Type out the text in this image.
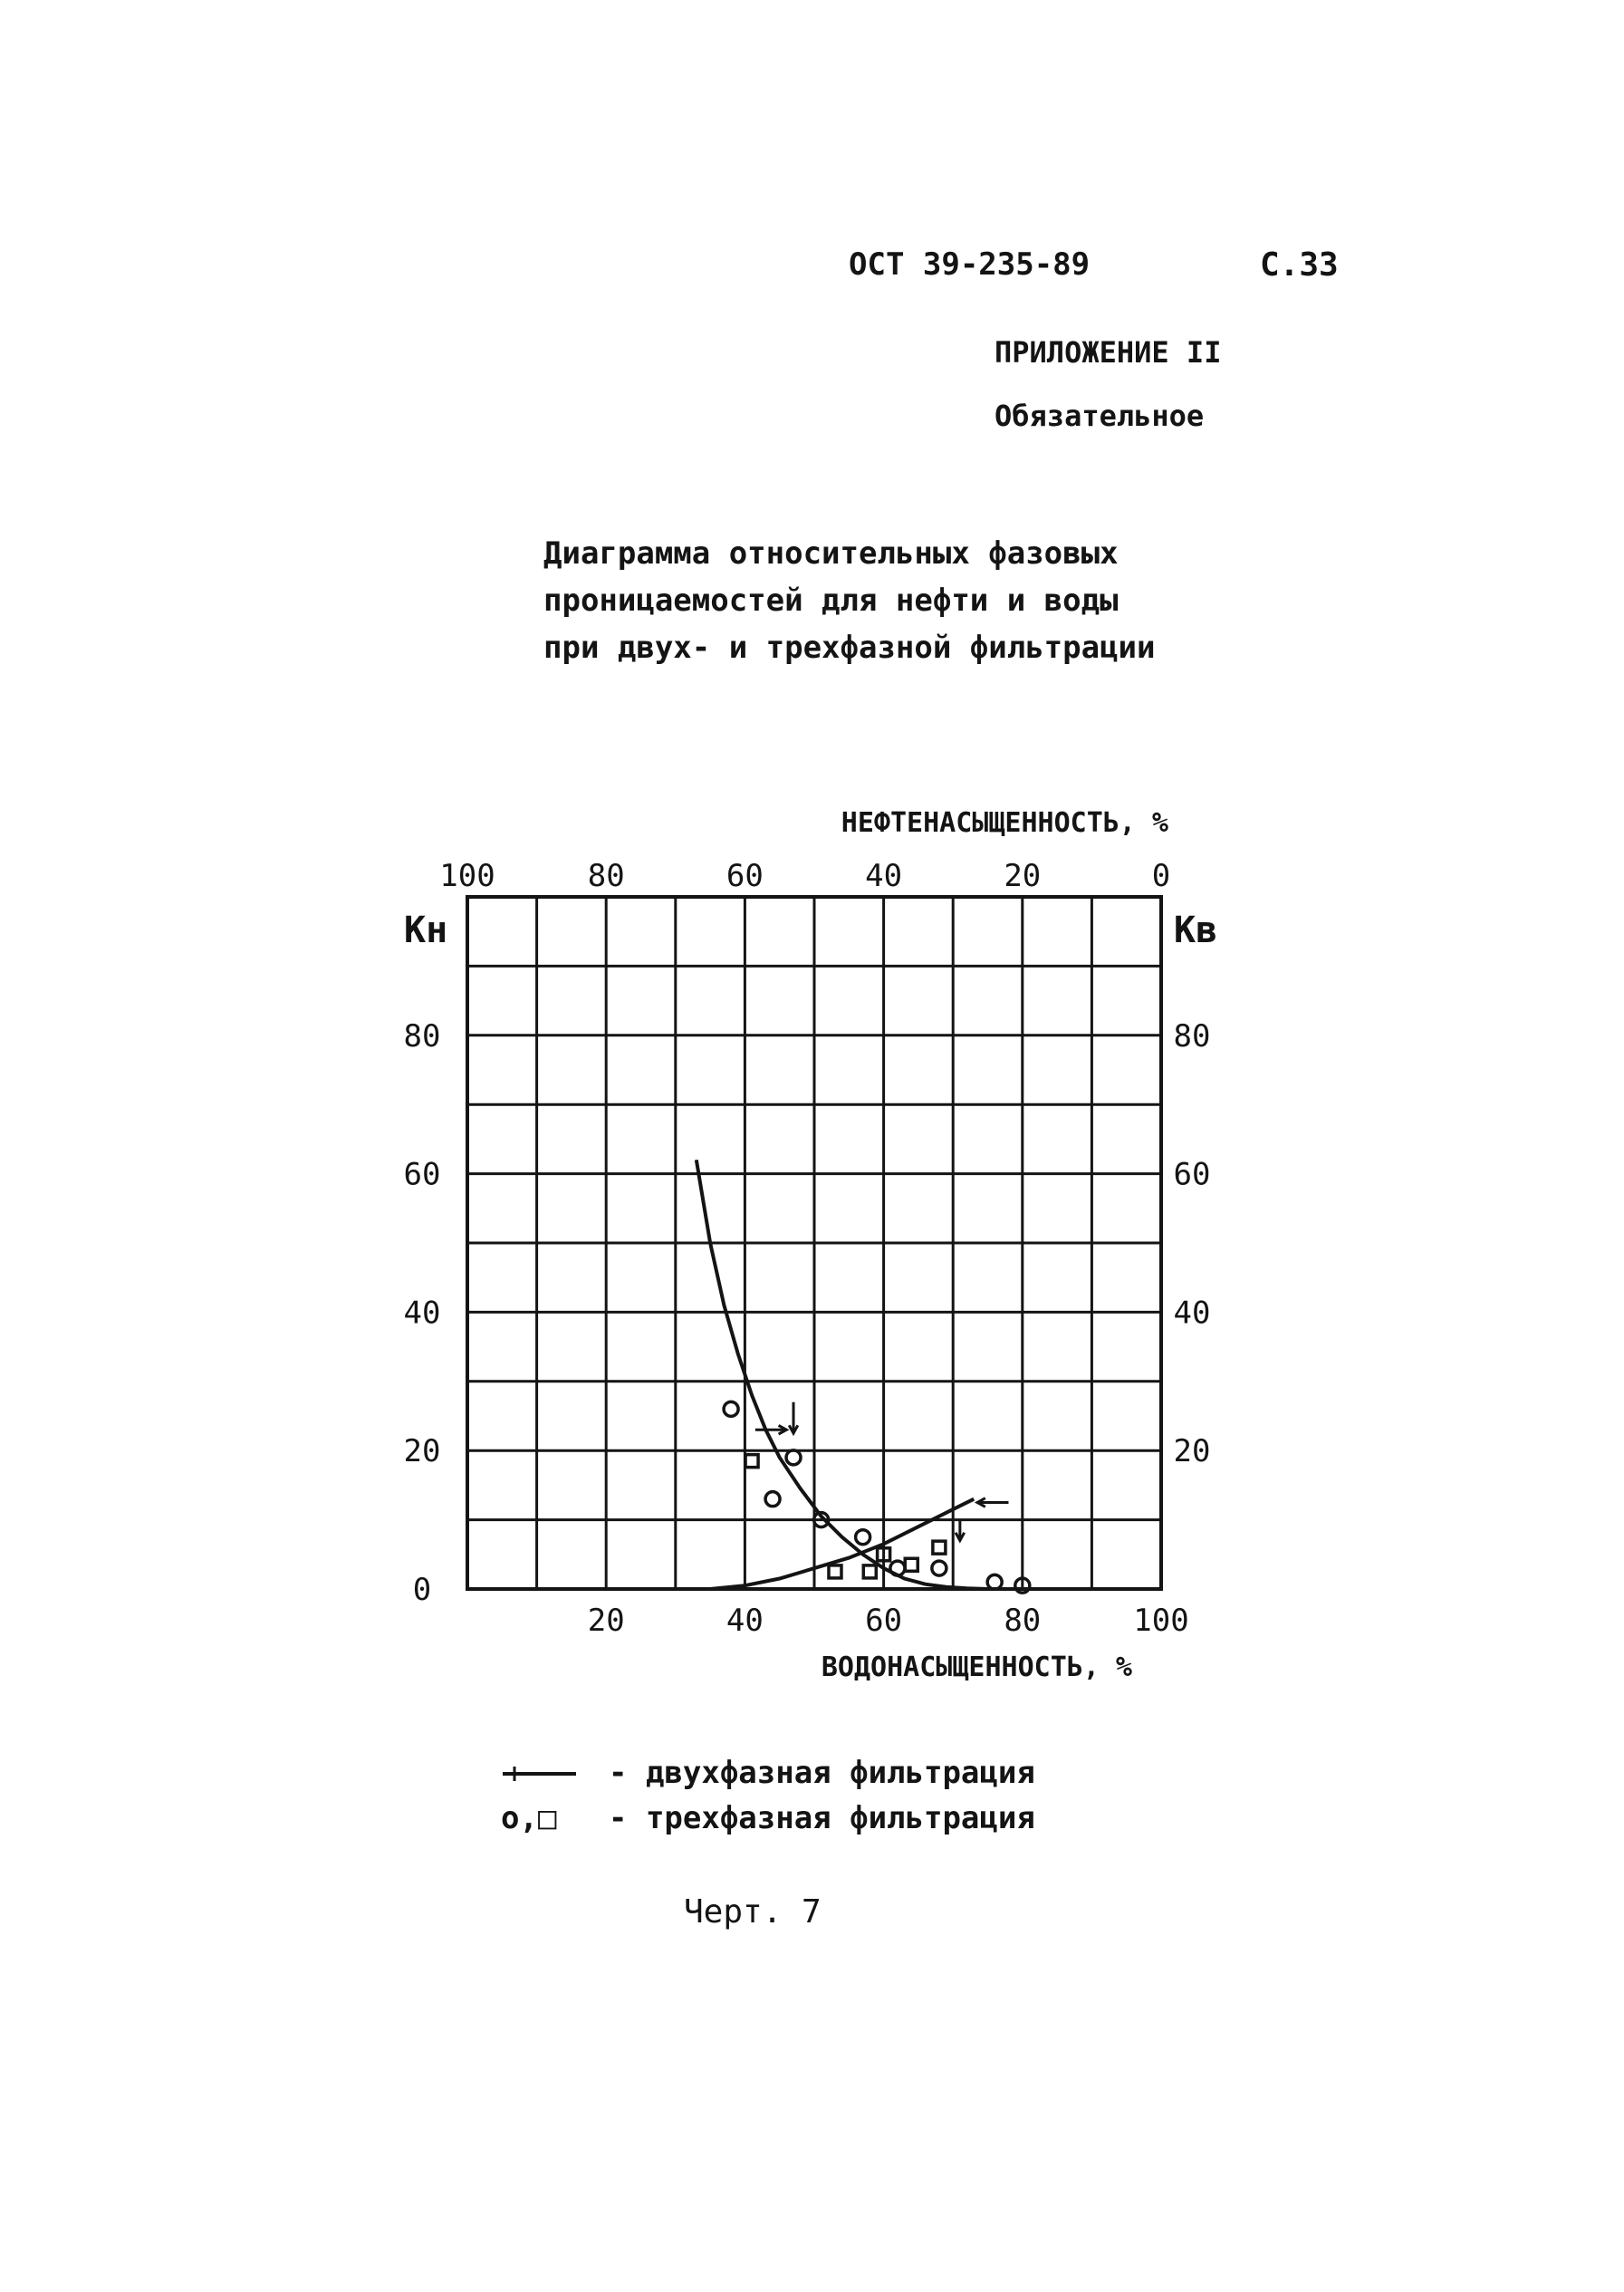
ОСТ 39-235-89	С.33
ПРИЛОЖЕНИЕ II
Обязательное
Диаграмма относительных фазовых
проницаемостей для нефти и воды
при двух- и трехфазной фильтрации
НЕФТЕНАСЫЩЕННОСТЬ, %
ВОДОНАСЫЩЕННОСТЬ, %
Кн	Кв
100	80	60	40	20	0
20	40	60	80	100
80	80
60	60
40	40
20	20
0
- двухфазная фильтрация
о,□ - трехфазная фильтрация
Черт. 7
